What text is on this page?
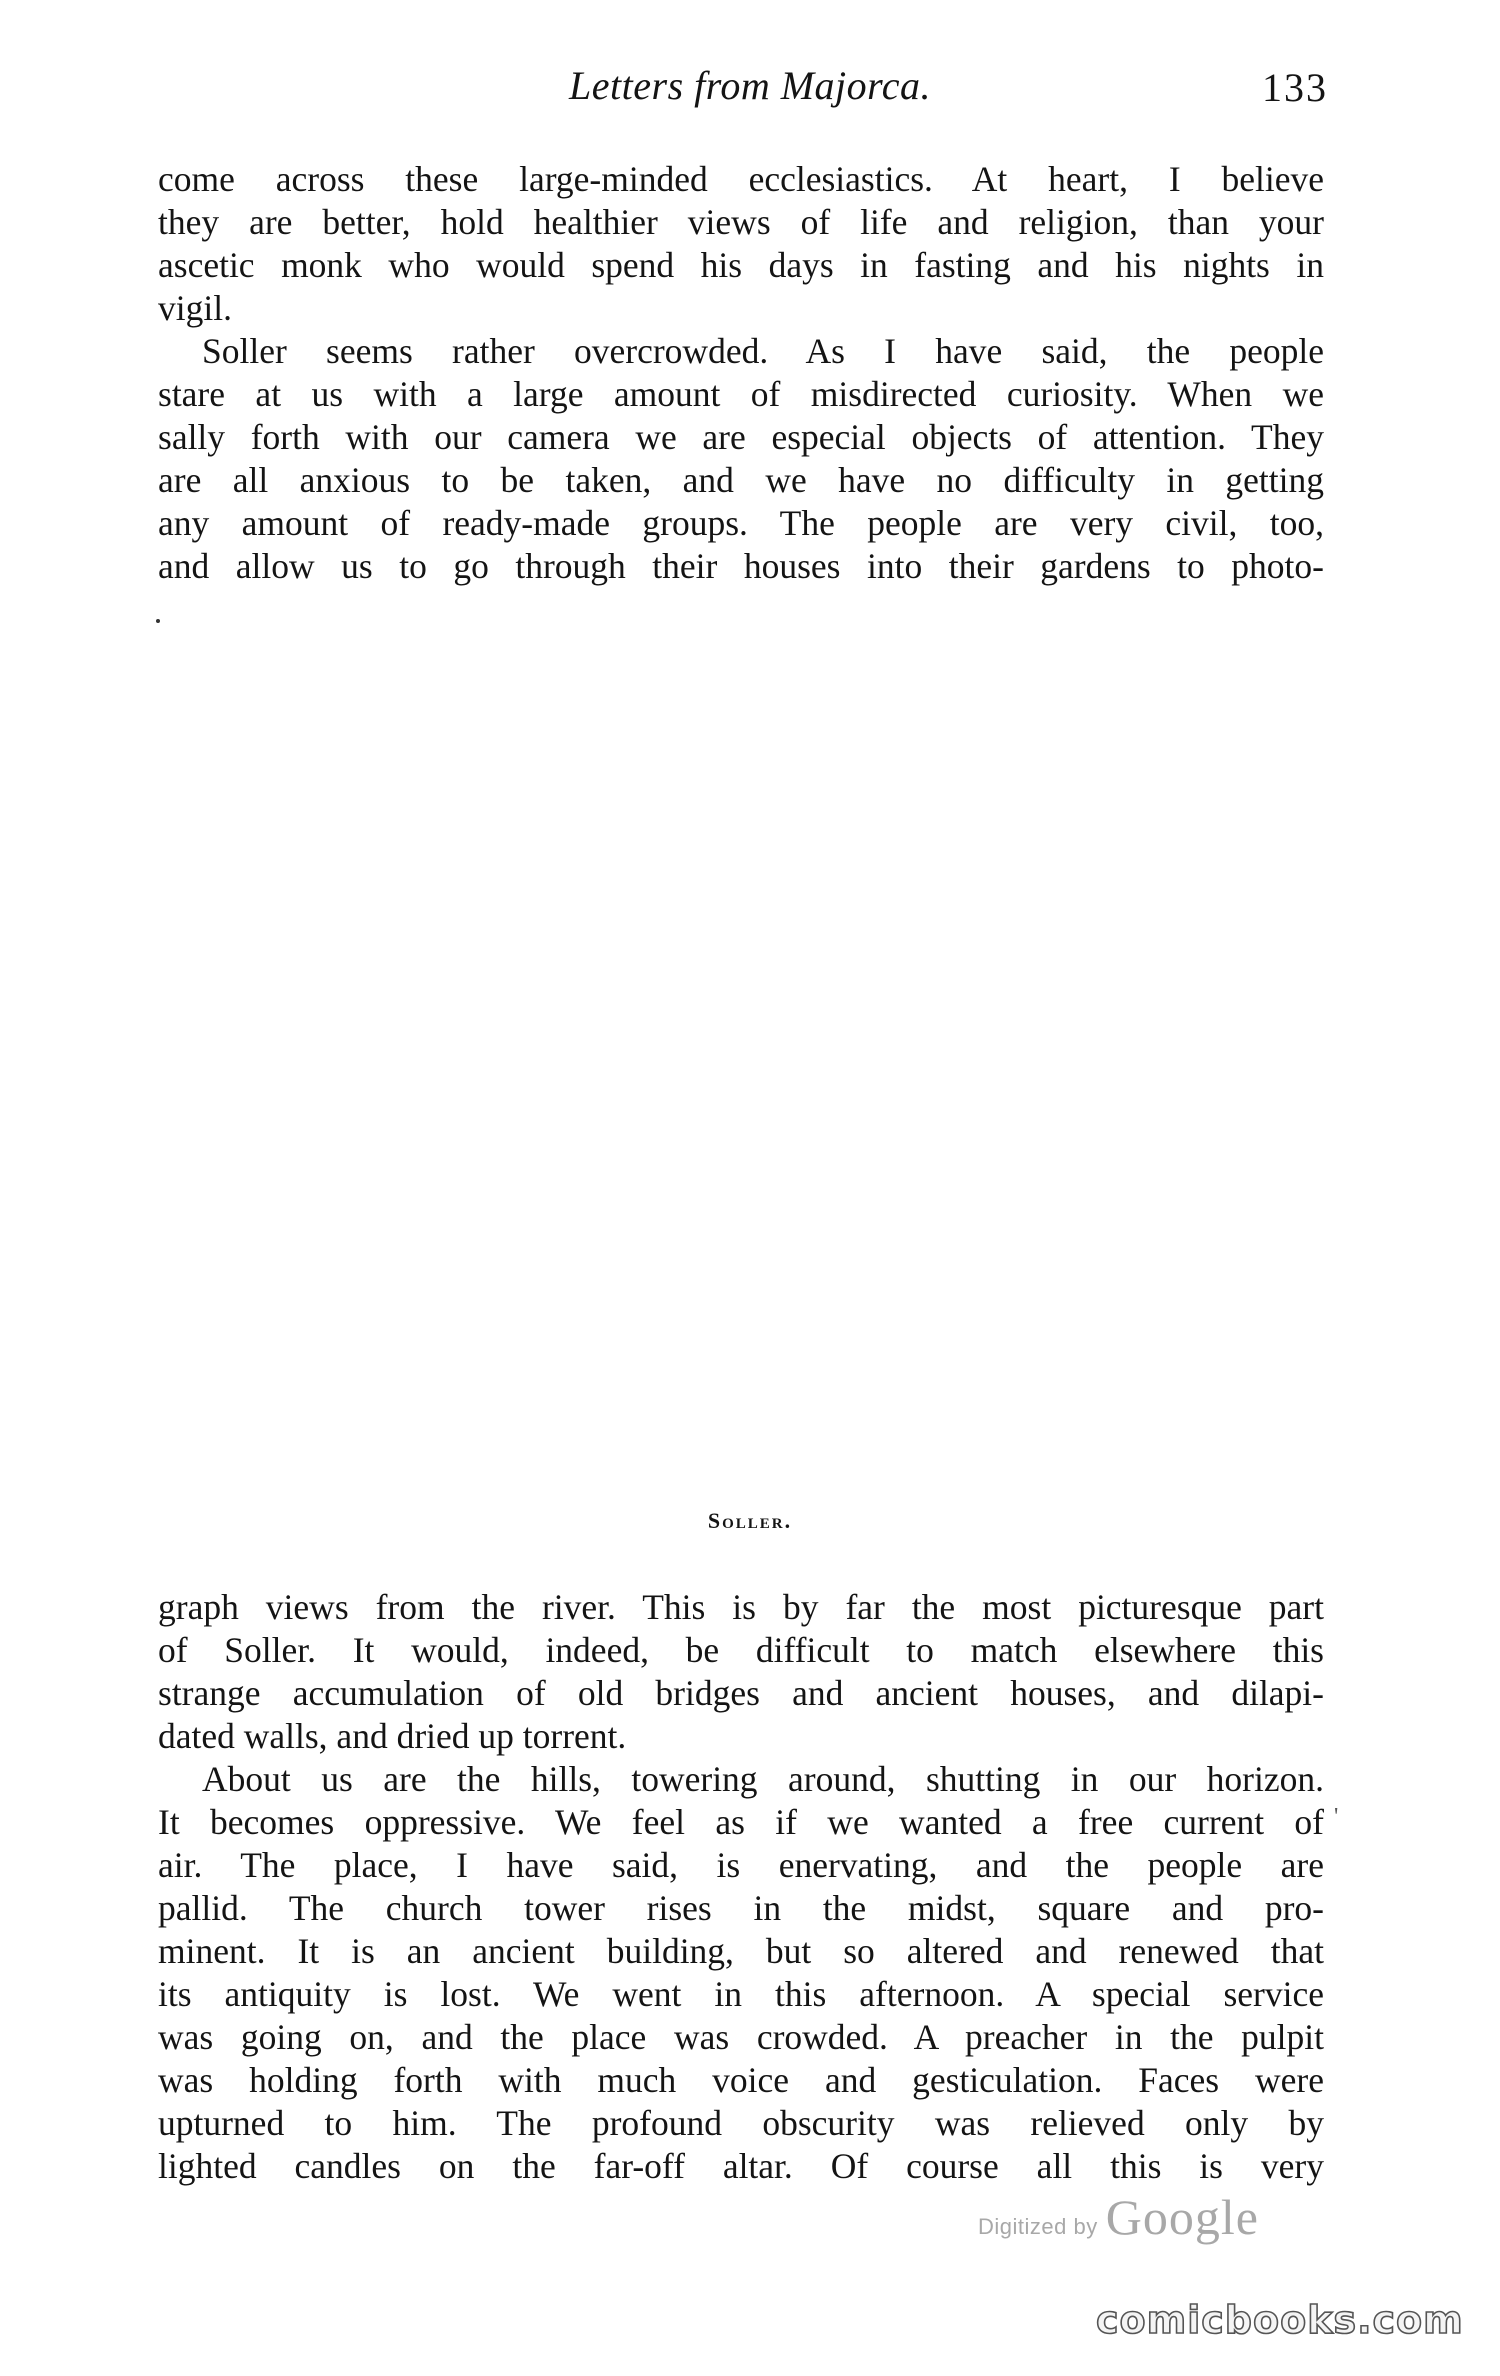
Letters from Majorca.	133
come across these large-minded ecclesiastics. At heart, I believe
they are better, hold healthier views of life and religion, than your
ascetic monk who would spend his days in fasting and his nights in
vigil.
Soller seems rather overcrowded. As I have said, the people
stare at us with a large amount of misdirected curiosity. When we
sally forth with our camera we are especial objects of attention. They
are all anxious to be taken, and we have no difficulty in getting
any amount of ready-made groups. The people are very civil, too,
and allow us to go through their houses into their gardens to photo-
Soller.
graph views from the river. This is by far the most picturesque part
of Soller. It would, indeed, be difficult to match elsewhere this
strange accumulation of old bridges and ancient houses, and dilapi-
dated walls, and dried up torrent.
About us are the hills, towering around, shutting in our horizon.
It becomes oppressive. We feel as if we wanted a free current of
air. The place, I have said, is enervating, and the people are
pallid. The church tower rises in the midst, square and pro-
minent. It is an ancient building, but so altered and renewed that
its antiquity is lost. We went in this afternoon. A special service
was going on, and the place was crowded. A preacher in the pulpit
was holding forth with much voice and gesticulation. Faces were
upturned to him. The profound obscurity was relieved only by
lighted candles on the far-off altar. Of course all this is very
'
Digitized by Google
comicbooks.com
